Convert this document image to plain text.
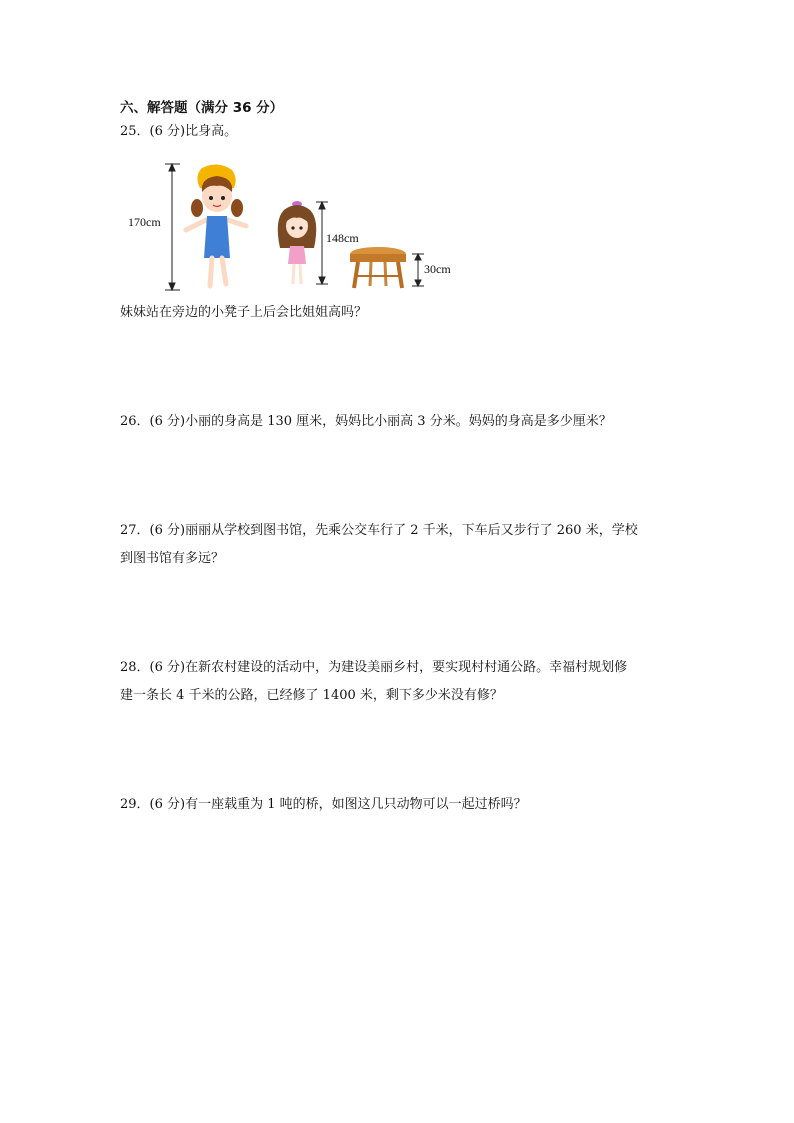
六、解答题（满分 36 分）
25．(6 分)比身高。
170cm
148cm
30cm
妹妹站在旁边的小凳子上后会比姐姐高吗？
26．(6 分)小丽的身高是 130 厘米，妈妈比小丽高 3 分米。妈妈的身高是多少厘米？
27．(6 分)丽丽从学校到图书馆，先乘公交车行了 2 千米，下车后又步行了 260 米，学校
到图书馆有多远？
28．(6 分)在新农村建设的活动中，为建设美丽乡村，要实现村村通公路。幸福村规划修
建一条长 4 千米的公路，已经修了 1400 米，剩下多少米没有修？
29．(6 分)有一座载重为 1 吨的桥，如图这几只动物可以一起过桥吗？
